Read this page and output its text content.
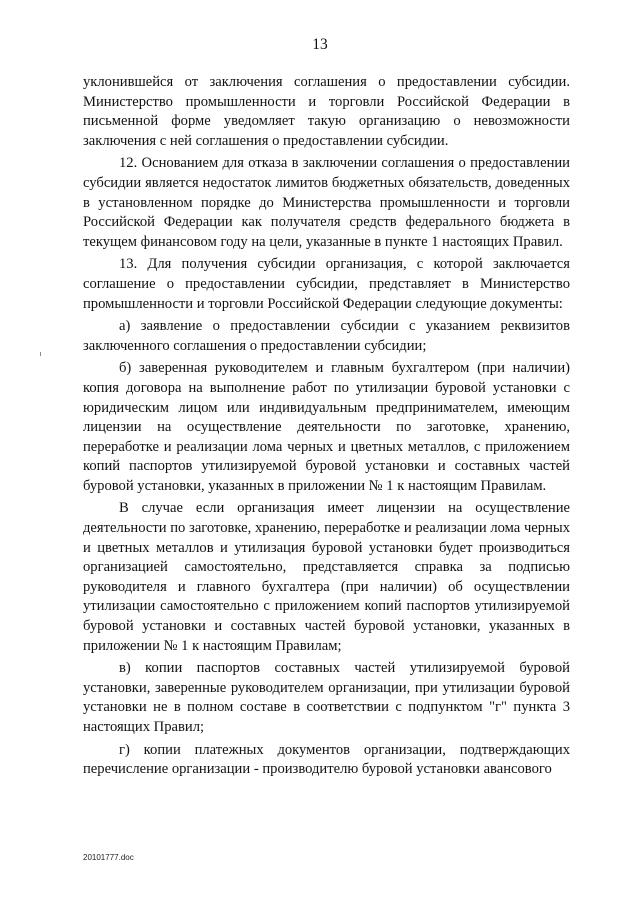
13

уклонившейся от заключения соглашения о предоставлении субсидии. Министерство промышленности и торговли Российской Федерации в письменной форме уведомляет такую организацию о невозможности заключения с ней соглашения о предоставлении субсидии.

12. Основанием для отказа в заключении соглашения о предоставлении субсидии является недостаток лимитов бюджетных обязательств, доведенных в установленном порядке до Министерства промышленности и торговли Российской Федерации как получателя средств федерального бюджета в текущем финансовом году на цели, указанные в пункте 1 настоящих Правил.

13. Для получения субсидии организация, с которой заключается соглашение о предоставлении субсидии, представляет в Министерство промышленности и торговли Российской Федерации следующие документы:

а) заявление о предоставлении субсидии с указанием реквизитов заключенного соглашения о предоставлении субсидии;

б) заверенная руководителем и главным бухгалтером (при наличии) копия договора на выполнение работ по утилизации буровой установки с юридическим лицом или индивидуальным предпринимателем, имеющим лицензии на осуществление деятельности по заготовке, хранению, переработке и реализации лома черных и цветных металлов, с приложением копий паспортов утилизируемой буровой установки и составных частей буровой установки, указанных в приложении № 1 к настоящим Правилам.

В случае если организация имеет лицензии на осуществление деятельности по заготовке, хранению, переработке и реализации лома черных и цветных металлов и утилизация буровой установки будет производиться организацией самостоятельно, представляется справка за подписью руководителя и главного бухгалтера (при наличии) об осуществлении утилизации самостоятельно с приложением копий паспортов утилизируемой буровой установки и составных частей буровой установки, указанных в приложении № 1 к настоящим Правилам;

в) копии паспортов составных частей утилизируемой буровой установки, заверенные руководителем организации, при утилизации буровой установки не в полном составе в соответствии с подпунктом "г" пункта 3 настоящих Правил;

г) копии платежных документов организации, подтверждающих перечисление организации - производителю буровой установки авансового

20101777.doc
